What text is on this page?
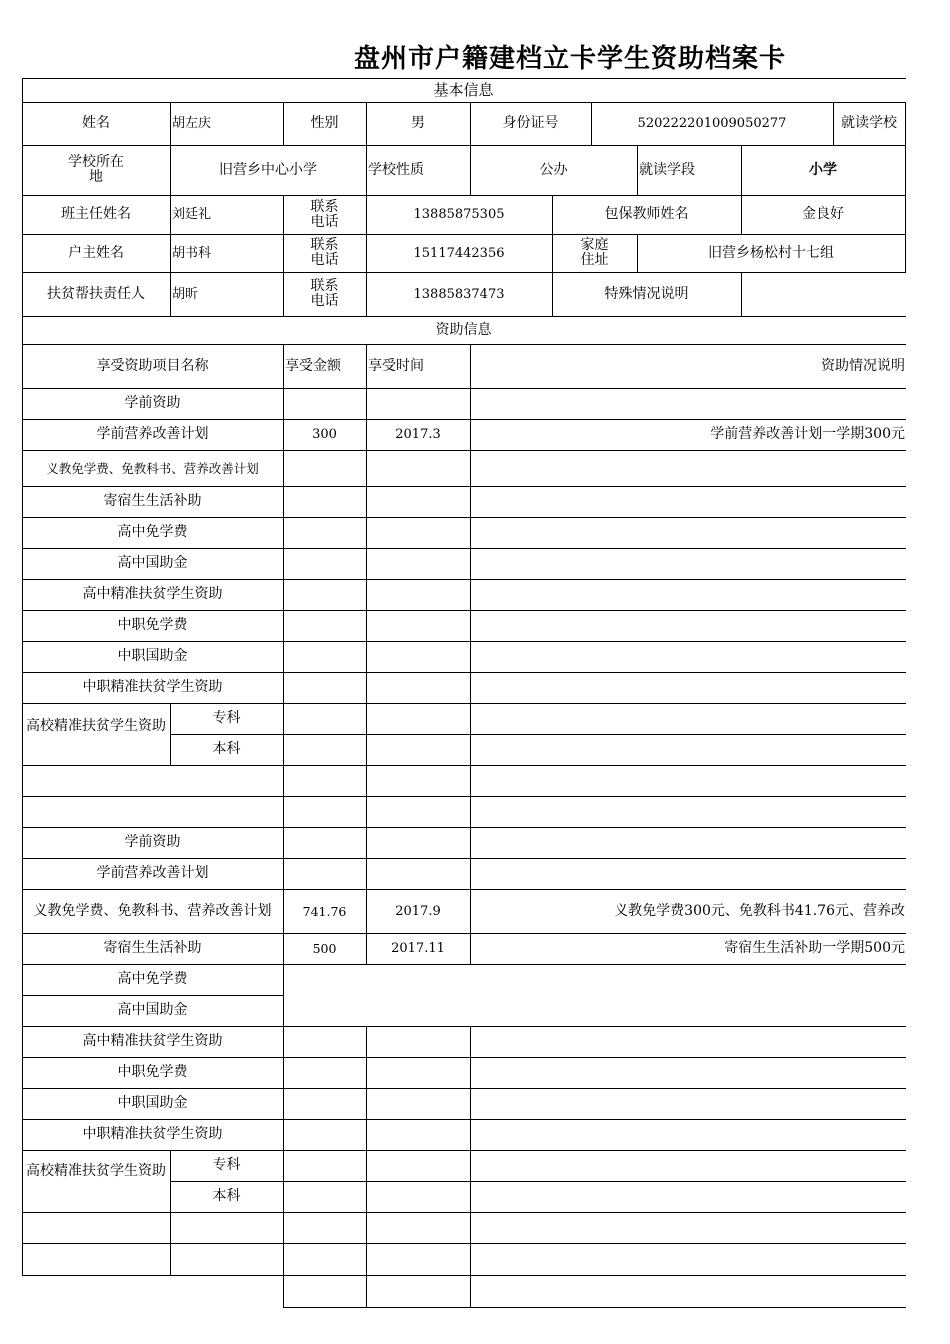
盘州市户籍建档立卡学生资助档案卡
基本信息
姓名	胡左庆	性别	男	身份证号	520222201009050277	就读学校
学校所在地	旧营乡中心小学	学校性质	公办	就读学段	小学
班主任姓名	刘廷礼	联系电话	13885875305	包保教师姓名	金良好
户主姓名	胡书科	联系电话	15117442356	家庭住址	旧营乡杨松村十七组
扶贫帮扶责任人	胡昕	联系电话	13885837473	特殊情况说明
资助信息
享受资助项目名称	享受金额	享受时间	资助情况说明
学前资助
学前营养改善计划	300	2017.3	学前营养改善计划一学期300元
义教免学费、免教科书、营养改善计划
寄宿生生活补助
高中免学费
高中国助金
高中精准扶贫学生资助
中职免学费
中职国助金
中职精准扶贫学生资助
高校精准扶贫学生资助	专科
本科
学前资助
学前营养改善计划
义教免学费、免教科书、营养改善计划	741.76	2017.9	义教免学费300元、免教科书41.76元、营养改
寄宿生生活补助	500	2017.11	寄宿生生活补助一学期500元
高中免学费
高中国助金
高中精准扶贫学生资助
中职免学费
中职国助金
中职精准扶贫学生资助
高校精准扶贫学生资助	专科
本科
